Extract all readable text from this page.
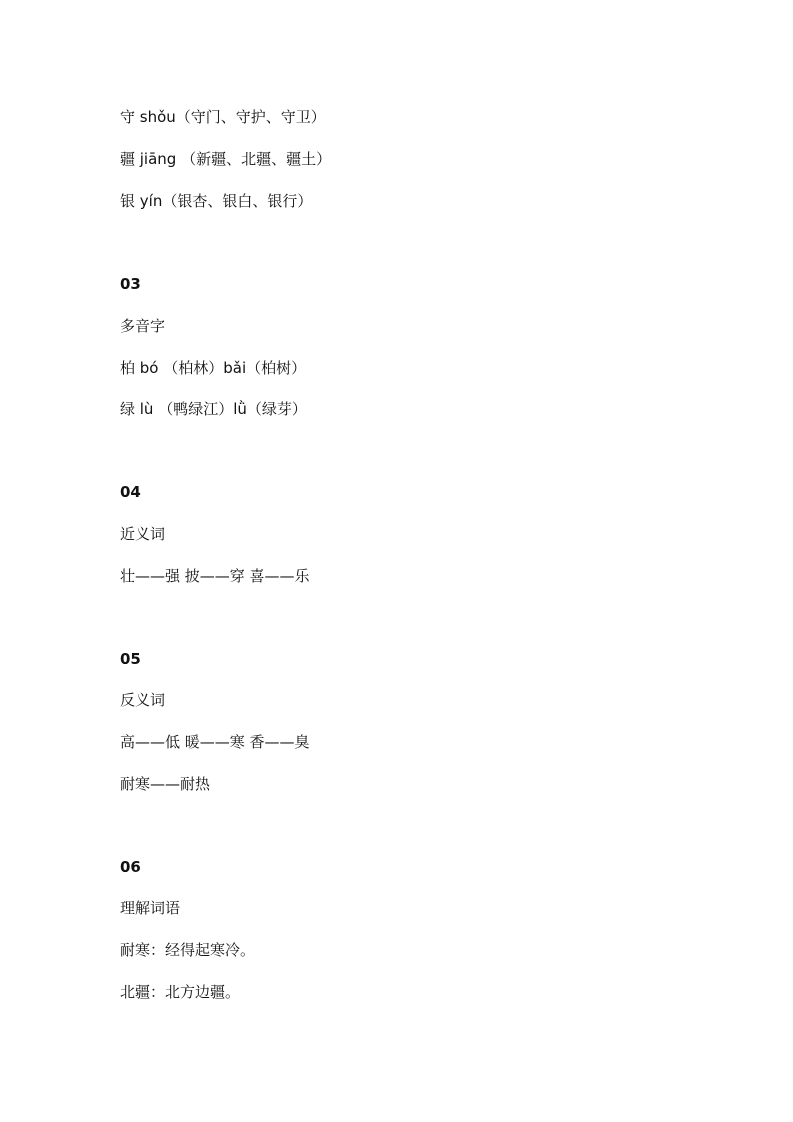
守 shǒu（守门、守护、守卫）
疆 jiāng （新疆、北疆、疆土）
银 yín（银杏、银白、银行）
03
多音字
柏 bó （柏林）bǎi（柏树）
绿 lù （鸭绿江）lǜ（绿芽）
04
近义词
壮——强 披——穿 喜——乐
05
反义词
高——低 暖——寒 香——臭
耐寒——耐热
06
理解词语
耐寒：经得起寒冷。
北疆：北方边疆。
